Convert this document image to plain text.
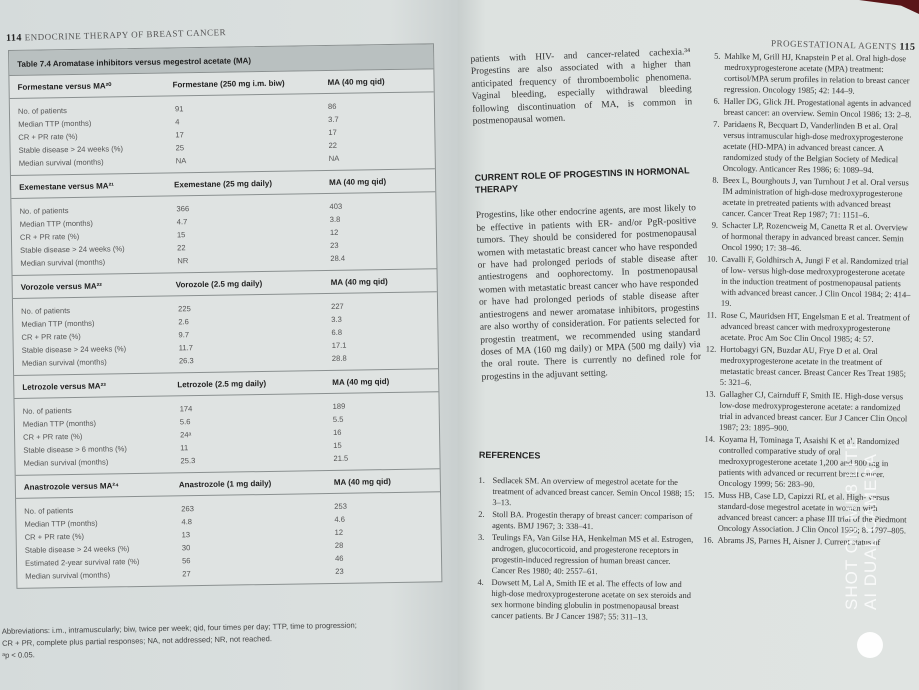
114 ENDOCRINE THERAPY OF BREAST CANCER
Table 7.4 Aromatase inhibitors versus megestrol acetate (MA)
Formestane versus MA²⁰	Formestane (250 mg i.m. biw)	MA (40 mg qid)
No. of patients	91	86
Median TTP (months)	4	3.7
CR + PR rate (%)	17	17
Stable disease > 24 weeks (%)	25	22
Median survival (months)	NA	NA
Exemestane versus MA²¹	Exemestane (25 mg daily)	MA (40 mg qid)
No. of patients	366	403
Median TTP (months)	4.7	3.8
CR + PR rate (%)	15	12
Stable disease > 24 weeks (%)	22	23
Median survival (months)	NR	28.4
Vorozole versus MA²²	Vorozole (2.5 mg daily)	MA (40 mg qid)
No. of patients	225	227
Median TTP (months)	2.6	3.3
CR + PR rate (%)	9.7	6.8
Stable disease > 24 weeks (%)	11.7	17.1
Median survival (months)	26.3	28.8
Letrozole versus MA²³	Letrozole (2.5 mg daily)	MA (40 mg qid)
No. of patients	174	189
Median TTP (months)	5.6	5.5
CR + PR rate (%)	24ᵃ	16
Stable disease > 6 months (%)	11	15
Median survival (months)	25.3	21.5
Anastrozole versus MA²⁴	Anastrozole (1 mg daily)	MA (40 mg qid)
No. of patients	263	253
Median TTP (months)	4.8	4.6
CR + PR rate (%)	13	12
Stable disease > 24 weeks (%)	30	28
Estimated 2-year survival rate (%)	56	46
Median survival (months)	27	23
Abbreviations: i.m., intramuscularly; biw, twice per week; qid, four times per day; TTP, time to progression;
CR + PR, complete plus partial responses; NA, not addressed; NR, not reached.
ᵃp < 0.05.
PROGESTATIONAL AGENTS 115

patients with HIV- and cancer-related cachexia.³⁴ Progestins are also associated with a higher than anticipated frequency of thromboembolic phenomena. Vaginal bleeding, especially withdrawal bleeding following discontinuation of MA, is common in postmenopausal women.

CURRENT ROLE OF PROGESTINS IN HORMONAL THERAPY

Progestins, like other endocrine agents, are most likely to be effective in patients with ER- and/or PgR-positive tumors. They should be considered for postmenopausal women with metastatic breast cancer who have responded or have had prolonged periods of stable disease after antiestrogens and oophorectomy. In postmenopausal women with metastatic breast cancer who have responded or have had prolonged periods of stable disease after antiestrogens and newer aromatase inhibitors, progestins are also worthy of consideration. For patients selected for progestin treatment, we recommended using standard doses of MA (160 mg daily) or MPA (500 mg daily) via the oral route. There is currently no defined role for progestins in the adjuvant setting.

REFERENCES
1. Sedlacek SM. An overview of megestrol acetate for the treatment of advanced breast cancer. Semin Oncol 1988; 15: 3–13.
2. Stoll BA. Progestin therapy of breast cancer: comparison of agents. BMJ 1967; 3: 338–41.
3. Teulings FA, Van Gilse HA, Henkelman MS et al. Estrogen, androgen, glucocorticoid, and progesterone receptors in progestin-induced regression of human breast cancer. Cancer Res 1980; 40: 2557–61.
4. Dowsett M, Lal A, Smith IE et al. The effects of low and high-dose medroxyprogesterone acetate on sex steroids and sex hormone binding globulin in postmenopausal breast cancer patients. Br J Cancer 1987; 55: 311–13.
5. Mahlke M, Grill HJ, Knapstein P et al. Oral high-dose medroxyprogesterone acetate (MPA) treatment: cortisol/MPA serum profiles in relation to breast cancer regression. Oncology 1985; 42: 144–9.
6. Haller DG, Glick JH. Progestational agents in advanced breast cancer: an overview. Semin Oncol 1986; 13: 2–8.
7. Paridaens R, Becquart D, Vanderlinden B et al. Oral versus intramuscular high-dose medroxyprogesterone acetate (HD-MPA) in advanced breast cancer. A randomized study of the Belgian Society of Medical Oncology. Anticancer Res 1986; 6: 1089–94.
8. Beex L, Bourghouts J, van Turnhout J et al. Oral versus IM administration of high-dose medroxyprogesterone acetate in pretreated patients with advanced breast cancer. Cancer Treat Rep 1987; 71: 1151–6.
9. Schacter LP, Rozencweig M, Canetta R et al. Overview of hormonal therapy in advanced breast cancer. Semin Oncol 1990; 17: 38–46.
10. Cavalli F, Goldhirsch A, Jungi F et al. Randomized trial of low- versus high-dose medroxyprogesterone acetate in the induction treatment of postmenopausal patients with advanced breast cancer. J Clin Oncol 1984; 2: 414–19.
11. Rose C, Mauridsen HT, Engelsman E et al. Treatment of advanced breast cancer with medroxyprogesterone acetate. Proc Am Soc Clin Oncol 1985; 4: 57.
12. Hortobagyi GN, Buzdar AU, Frye D et al. Oral medroxyprogesterone acetate in the treatment of metastatic breast cancer. Breast Cancer Res Treat 1985; 5: 321–6.
13. Gallagher CJ, Cairnduff F, Smith IE. High-dose versus low-dose medroxyprogesterone acetate: a randomized trial in advanced breast cancer. Eur J Cancer Clin Oncol 1987; 23: 1895–900.
14. Koyama H, Tominaga T, Asaishi K et al. Randomized controlled comparative study of oral medroxyprogesterone acetate 1,200 and 800 mg in patients with advanced or recurrent breast cancer. Oncology 1999; 56: 283–90.
15. Muss HB, Case LD, Capizzi RL et al. High- versus standard-dose megestrol acetate in women with advanced breast cancer: a phase III trial of the Piedmont Oncology Association. J Clin Oncol 1990; 8: 1797–805.
16. Abrams JS, Parnes H, Aisner J. Current status of
SHOT ON MI 8 LITE AI DUAL CAMERA
